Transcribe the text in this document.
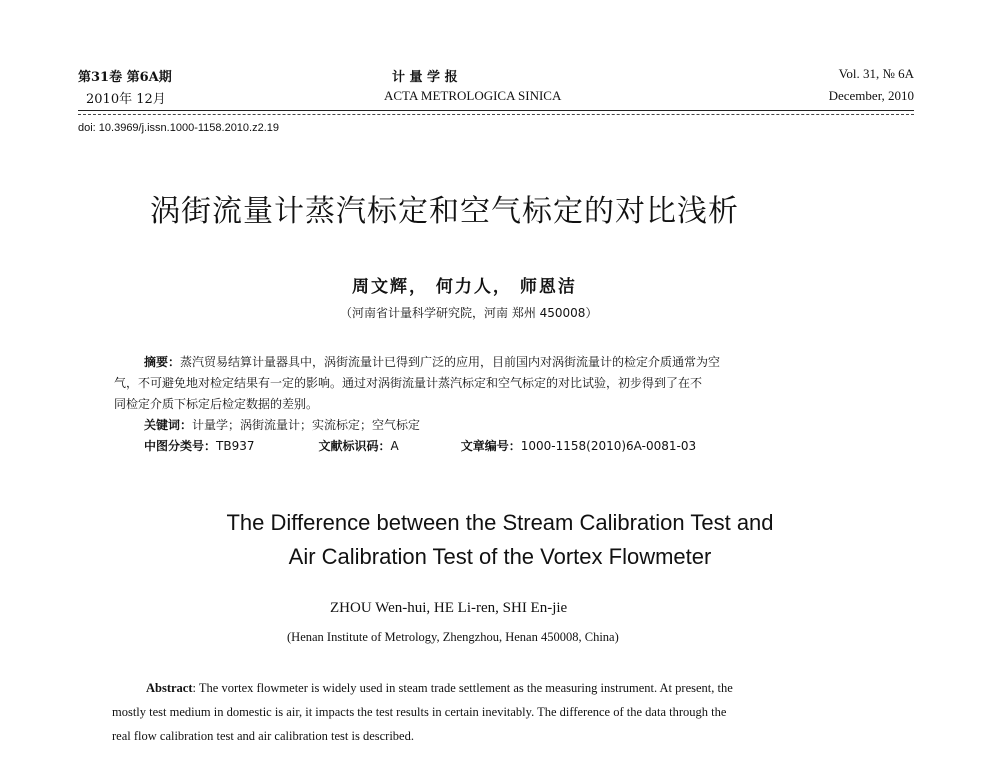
第31卷 第6A期
2010年 12月
计 量 学 报
ACTA METROLOGICA SINICA
Vol. 31, № 6A
December, 2010
doi: 10.3969/j.issn.1000-1158.2010.z2.19
涡街流量计蒸汽标定和空气标定的对比浅析
周文辉， 何力人， 师恩洁
（河南省计量科学研究院，河南 郑州 450008）
摘要：蒸汽贸易结算计量器具中，涡街流量计已得到广泛的应用，目前国内对涡街流量计的检定介质通常为空
气，不可避免地对检定结果有一定的影响。通过对涡街流量计蒸汽标定和空气标定的对比试验，初步得到了在不
同检定介质下标定后检定数据的差别。
关键词：计量学；涡街流量计；实流标定；空气标定
中图分类号：TB937	文献标识码：A	文章编号：1000-1158(2010)6A-0081-03
The Difference between the Stream Calibration Test and
Air Calibration Test of the Vortex Flowmeter
ZHOU Wen-hui, HE Li-ren, SHI En-jie
(Henan Institute of Metrology, Zhengzhou, Henan 450008, China)
Abstract: The vortex flowmeter is widely used in steam trade settlement as the measuring instrument. At present, the
mostly test medium in domestic is air, it impacts the test results in certain inevitably. The difference of the data through the
real flow calibration test and air calibration test is described.
